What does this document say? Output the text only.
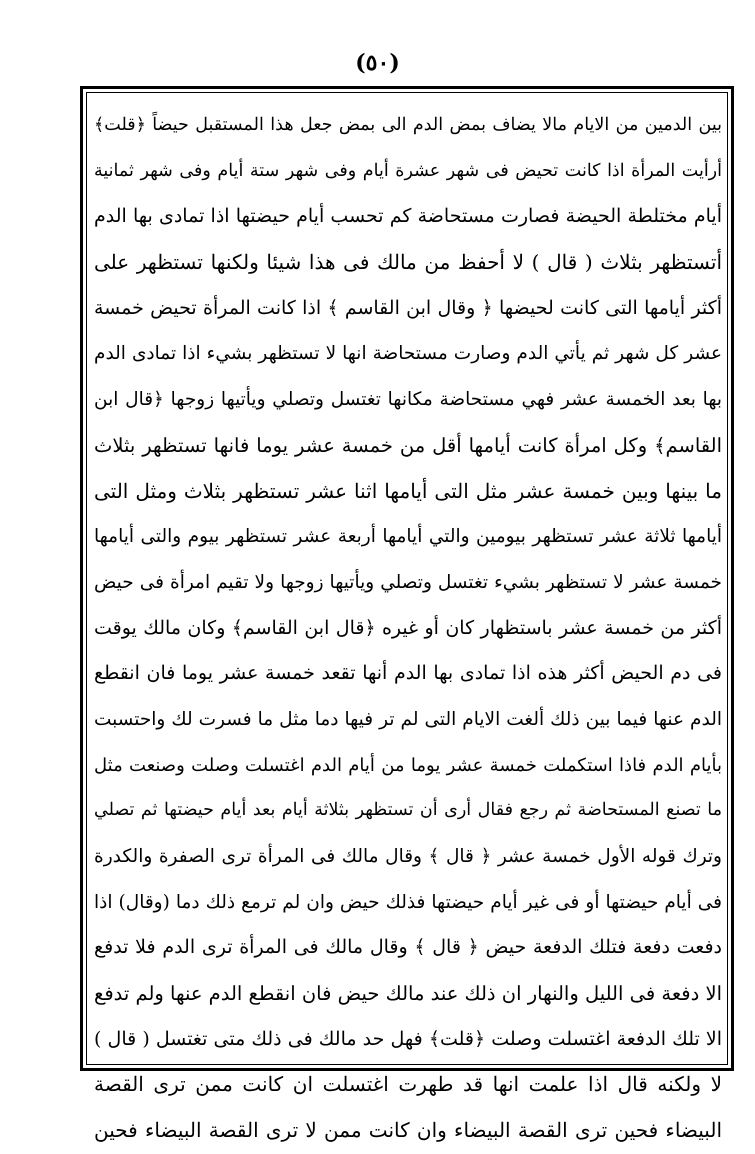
(٥٠)
بين الدمين من الايام مالا يضاف بمض الدم الى بمض جعل هذا المستقبل حيضاً ﴿قلت﴾
أرأيت المرأة اذا كانت تحيض فى شهر عشرة أيام وفى شهر ستة أيام وفى شهر ثمانية
أيام مختلطة الحيضة فصارت مستحاضة كم تحسب أيام حيضتها اذا تمادى بها الدم
أتستظهر بثلاث ( قال ) لا أحفظ من مالك فى هذا شيئا ولكنها تستظهر على
أكثر أيامها التى كانت لحيضها ﴿ وقال ابن القاسم ﴾ اذا كانت المرأة تحيض خمسة
عشر كل شهر ثم يأتي الدم وصارت مستحاضة انها لا تستظهر بشيء اذا تمادى الدم
بها بعد الخمسة عشر فهي مستحاضة مكانها تغتسل وتصلي ويأتيها زوجها ﴿قال ابن
القاسم﴾ وكل امرأة كانت أيامها أقل من خمسة عشر يوما فانها تستظهر بثلاث
ما بينها وبين خمسة عشر مثل التى أيامها اثنا عشر تستظهر بثلاث ومثل التى
أيامها ثلاثة عشر تستظهر بيومين والتي أيامها أربعة عشر تستظهر بيوم والتى أيامها
خمسة عشر لا تستظهر بشيء تغتسل وتصلي ويأتيها زوجها ولا تقيم امرأة فى حيض
أكثر من خمسة عشر باستظهار كان أو غيره ﴿قال ابن القاسم﴾ وكان مالك يوقت
فى دم الحيض أكثر هذه اذا تمادى بها الدم أنها تقعد خمسة عشر يوما فان انقطع
الدم عنها فيما بين ذلك ألغت الايام التى لم تر فيها دما مثل ما فسرت لك واحتسبت
بأيام الدم فاذا استكملت خمسة عشر يوما من أيام الدم اغتسلت وصلت وصنعت مثل
ما تصنع المستحاضة ثم رجع فقال أرى أن تستظهر بثلاثة أيام بعد أيام حيضتها ثم تصلي
وترك قوله الأول خمسة عشر ﴿ قال ﴾ وقال مالك فى المرأة ترى الصفرة والكدرة
فى أيام حيضتها أو فى غير أيام حيضتها فذلك حيض وان لم ترمع ذلك دما (وقال) اذا
دفعت دفعة فتلك الدفعة حيض ﴿ قال ﴾ وقال مالك فى المرأة ترى الدم فلا تدفع
الا دفعة فى الليل والنهار ان ذلك عند مالك حيض فان انقطع الدم عنها ولم تدفع
الا تلك الدفعة اغتسلت وصلت ﴿قلت﴾ فهل حد مالك فى ذلك متى تغتسل ( قال )
لا ولكنه قال اذا علمت انها قد طهرت اغتسلت ان كانت ممن ترى القصة
البيضاء فحين ترى القصة البيضاء وان كانت ممن لا ترى القصة البيضاء فحين
